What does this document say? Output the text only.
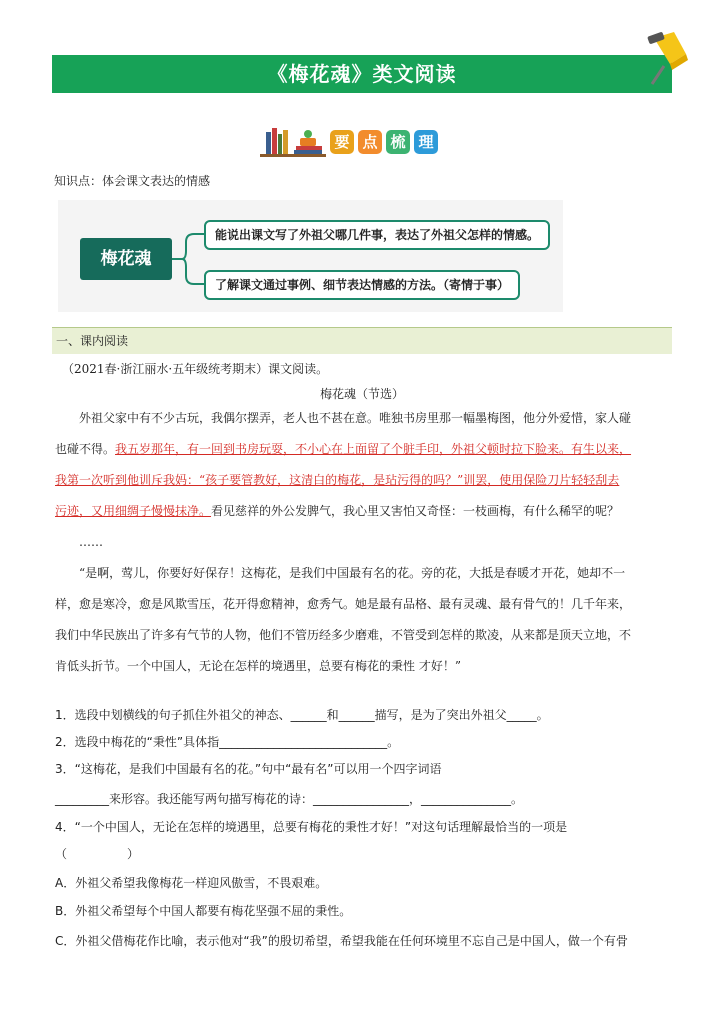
《梅花魂》类文阅读
要 点 梳 理
知识点：体会课文表达的情感
梅花魂
能说出课文写了外祖父哪几件事，表达了外祖父怎样的情感。
了解课文通过事例、细节表达情感的方法。（寄情于事）
一、课内阅读
（2021春·浙江丽水·五年级统考期末）课文阅读。
梅花魂（节选）
外祖父家中有不少古玩，我偶尔摆弄，老人也不甚在意。唯独书房里那一幅墨梅图，他分外爱惜，家人碰
也碰不得。我五岁那年，有一回到书房玩耍，不小心在上面留了个脏手印，外祖父顿时拉下脸来。有生以来，
我第一次听到他训斥我妈：“孩子要管教好，这清白的梅花，是玷污得的吗？”训罢，使用保险刀片轻轻刮去
污迹，又用细绸子慢慢抹净。看见慈祥的外公发脾气，我心里又害怕又奇怪：一枝画梅，有什么稀罕的呢？
……
“是啊，莺儿，你要好好保存！这梅花，是我们中国最有名的花。旁的花，大抵是春暖才开花，她却不一
样，愈是寒冷，愈是风欺雪压，花开得愈精神，愈秀气。她是最有品格、最有灵魂、最有骨气的！几千年来，
我们中华民族出了许多有气节的人物，他们不管历经多少磨难，不管受到怎样的欺凌，从来都是顶天立地，不
肯低头折节。一个中国人，无论在怎样的境遇里，总要有梅花的秉性 才好！”
1．选段中划横线的句子抓住外祖父的神态、______和______描写，是为了突出外祖父_____。
2．选段中梅花的“秉性”具体指____________________________。
3．“这梅花，是我们中国最有名的花。”句中“最有名”可以用一个四字词语
_________来形容。我还能写两句描写梅花的诗：________________，_______________。
4．“一个中国人，无论在怎样的境遇里，总要有梅花的秉性才好！”对这句话理解最恰当的一项是
（　　　　　）
A．外祖父希望我像梅花一样迎风傲雪，不畏艰难。
B．外祖父希望每个中国人都要有梅花坚强不屈的秉性。
C．外祖父借梅花作比喻，表示他对“我”的殷切希望，希望我能在任何环境里不忘自己是中国人，做一个有骨
